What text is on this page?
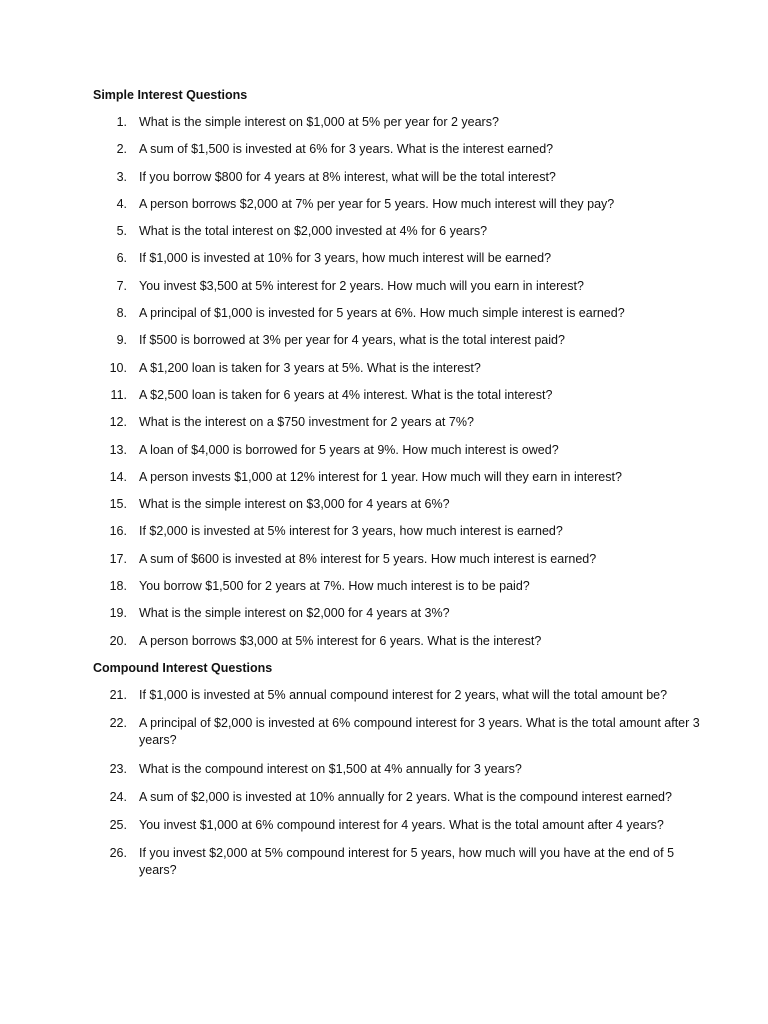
Simple Interest Questions
1. What is the simple interest on $1,000 at 5% per year for 2 years?
2. A sum of $1,500 is invested at 6% for 3 years. What is the interest earned?
3. If you borrow $800 for 4 years at 8% interest, what will be the total interest?
4. A person borrows $2,000 at 7% per year for 5 years. How much interest will they pay?
5. What is the total interest on $2,000 invested at 4% for 6 years?
6. If $1,000 is invested at 10% for 3 years, how much interest will be earned?
7. You invest $3,500 at 5% interest for 2 years. How much will you earn in interest?
8. A principal of $1,000 is invested for 5 years at 6%. How much simple interest is earned?
9. If $500 is borrowed at 3% per year for 4 years, what is the total interest paid?
10. A $1,200 loan is taken for 3 years at 5%. What is the interest?
11. A $2,500 loan is taken for 6 years at 4% interest. What is the total interest?
12. What is the interest on a $750 investment for 2 years at 7%?
13. A loan of $4,000 is borrowed for 5 years at 9%. How much interest is owed?
14. A person invests $1,000 at 12% interest for 1 year. How much will they earn in interest?
15. What is the simple interest on $3,000 for 4 years at 6%?
16. If $2,000 is invested at 5% interest for 3 years, how much interest is earned?
17. A sum of $600 is invested at 8% interest for 5 years. How much interest is earned?
18. You borrow $1,500 for 2 years at 7%. How much interest is to be paid?
19. What is the simple interest on $2,000 for 4 years at 3%?
20. A person borrows $3,000 at 5% interest for 6 years. What is the interest?
Compound Interest Questions
21. If $1,000 is invested at 5% annual compound interest for 2 years, what will the total amount be?
22. A principal of $2,000 is invested at 6% compound interest for 3 years. What is the total amount after 3 years?
23. What is the compound interest on $1,500 at 4% annually for 3 years?
24. A sum of $2,000 is invested at 10% annually for 2 years. What is the compound interest earned?
25. You invest $1,000 at 6% compound interest for 4 years. What is the total amount after 4 years?
26. If you invest $2,000 at 5% compound interest for 5 years, how much will you have at the end of 5 years?
